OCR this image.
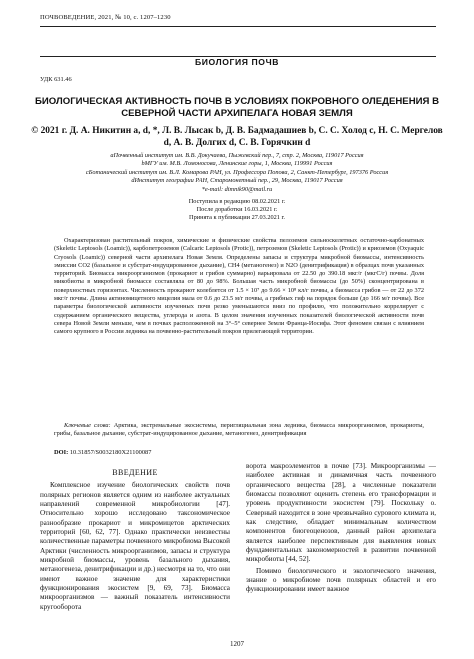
ПОЧВОВЕДЕНИЕ, 2021, № 10, с. 1207–1230
БИОЛОГИЯ ПОЧВ
УДК 631.46
БИОЛОГИЧЕСКАЯ АКТИВНОСТЬ ПОЧВ В УСЛОВИЯХ ПОКРОВНОГО ОЛЕДЕНЕНИЯ В СЕВЕРНОЙ ЧАСТИ АРХИПЕЛАГА НОВАЯ ЗЕМЛЯ
© 2021 г. Д. А. Никитин a, d, *, Л. В. Лысак b, Д. В. Бадмадашиев b, С. С. Холод c, Н. С. Мергелов d, А. В. Долгих d, С. В. Горячкин d
aПочвенный институт им. В.В. Докучаева, Пыжевский пер., 7, стр. 2, Москва, 119017 Россия
bМГУ им. М.В. Ломоносова, Ленинские горы, 1, Москва, 119991 Россия
cБотанический институт им. В.Л. Комарова РАН, ул. Профессора Попова, 2, Санкт-Петербург, 197376 Россия
dИнститут географии РАН, Старомонетный пер., 29, Москва, 119017 Россия
*e-mail: dimnik90@mail.ru
Поступила в редакцию 08.02.2021 г.
После доработки 16.03.2021 г.
Принята к публикации 27.03.2021 г.
Охарактеризован растительный покров, химические и физические свойства пелоземов сильноскелетных остаточно-карбонатных (Skeletic Leptosols (Loamic)), карбопетроземов (Calcaric Leptosols (Protic)), петроземов (Skeletic Leptosols (Protic)) и криоземов (Oxyaquic Cryosols (Loamic)) северной части архипелага Новая Земля. Определены запасы и структура микробной биомассы, интенсивность эмиссии CO2 (базальное и субстрат-индуцированное дыхание), CH4 (метаногенез) и N2O (денитрификация) в образцах почв указанных территорий. Биомасса микроорганизмов (прокариот и грибов суммарно) варьировала от 22.50 до 390.18 мкг/г (мкгС/г) почвы. Доля микобиоты в микробной биомассе составляла от 80 до 98%. Большая часть микробной биомассы (до 50%) сконцентрирована в поверхностных горизонтах. Численность прокариот колеблется от 1.5 × 10⁷ до 9.66 × 10⁸ кл/г почвы, а биомасса грибов — от 22 до 372 мкг/г почвы. Длина актиномицетного мицелия мала от 0.6 до 23.5 м/г почвы, а грибных гиф на порядок больше (до 166 м/г почвы). Все параметры биологической активности изученных почв резко уменьшаются вниз по профилю, что положительно коррелирует с содержанием органического вещества, углерода и азота. В целом значения изученных показателей биологической активности почв севера Новой Земли меньше, чем в почвах расположенной на 3°–5° севернее Земли Франца-Иосифа. Этот феномен связан с влиянием самого крупного в России ледника на почвенно-растительный покров прилегающей территории.
Ключевые слова: Арктика, экстремальные экосистемы, перигляциальная зона ледника, биомасса микроорганизмов, прокариоты, грибы, базальное дыхание, субстрат-индуцированное дыхание, метаногенез, денитрификация
DOI: 10.31857/S0032180X21100087
ВВЕДЕНИЕ

Комплексное изучение биологических свойств почв полярных регионов является одним из наиболее актуальных направлений современной микробиологии [47]. Относительно хорошо исследовано таксономическое разнообразие прокариот и микромицетов арктических территорий [60, 62, 77]. Однако практически неизвестны количественные параметры почвенного микробиома Высокой Арктики (численность микроорганизмов, запасы и структура микробной биомассы, уровень базального дыхания, метаногенеза, денитрификации и др.) несмотря на то, что они имеют важное значение для характеристики функционирования экосистем [9, 69, 73]. Биомасса микроорганизмов — важный показатель интенсивности кругооборота

ворота макроэлементов в почве [73]. Микроорганизмы — наиболее активная и динамичная часть почвенного органического вещества [28], а численные показатели биомассы позволяют оценить степень его трансформации и уровень продуктивности экосистем [79]. Поскольку о. Северный находится в зоне чрезвычайно сурового климата и, как следствие, обладает минимальным количеством компонентов биогеоценозов, данный район архипелага является наиболее перспективным для выявления новых фундаментальных закономерностей в развитии почвенной микробиоты [44, 52].

Помимо биологического и экологического значения, знание о микробиоме почв полярных областей и его функционировании имеет важное

1207
